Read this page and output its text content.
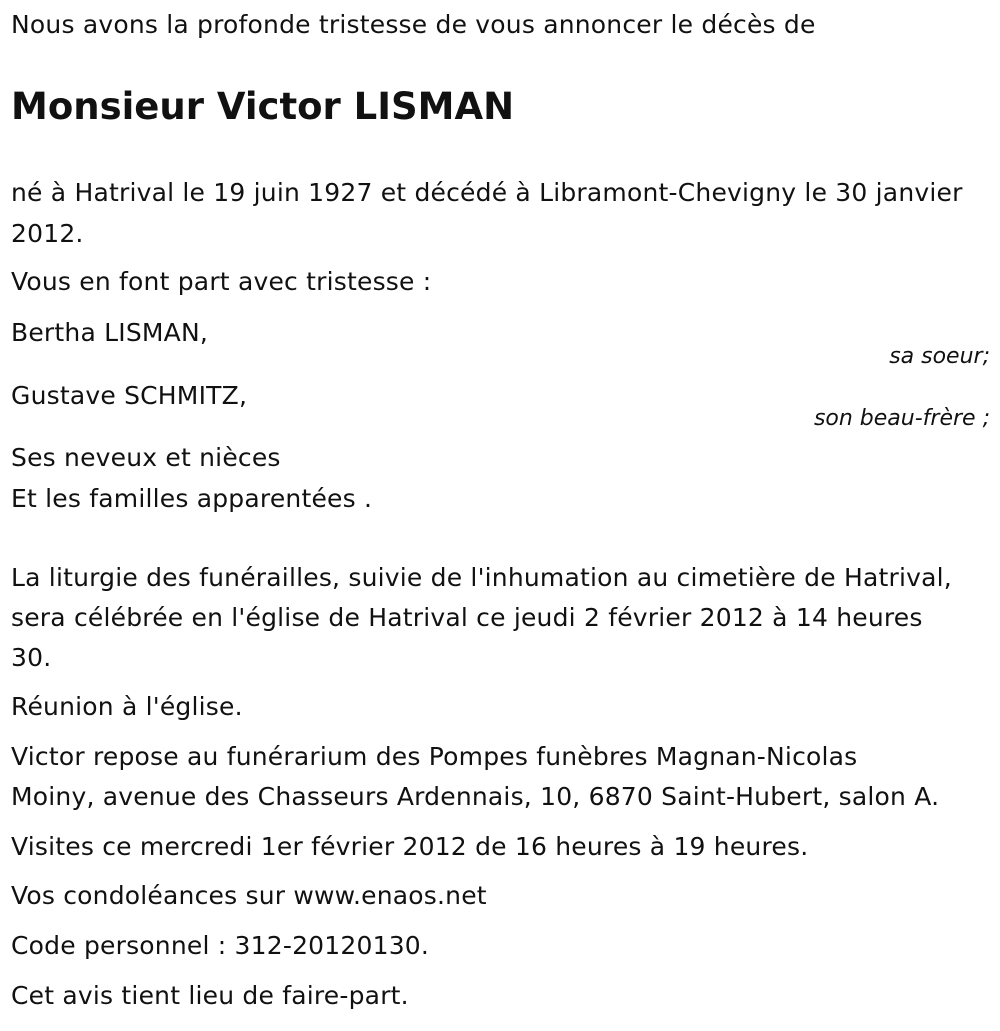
Nous avons la profonde tristesse de vous annoncer le décès de
Monsieur Victor LISMAN
né à Hatrival le 19 juin 1927 et décédé à Libramont-Chevigny le 30 janvier
2012.
Vous en font part avec tristesse :
Bertha LISMAN,
sa soeur;
Gustave SCHMITZ,
son beau-frère ;
Ses neveux et nièces
Et les familles apparentées .
La liturgie des funérailles, suivie de l'inhumation au cimetière de Hatrival,
sera célébrée en l'église de Hatrival ce jeudi 2 février 2012 à 14 heures
30.
Réunion à l'église.
Victor repose au funérarium des Pompes funèbres Magnan-Nicolas
Moiny, avenue des Chasseurs Ardennais, 10, 6870 Saint-Hubert, salon A.
Visites ce mercredi 1er février 2012 de 16 heures à 19 heures.
Vos condoléances sur www.enaos.net
Code personnel : 312-20120130.
Cet avis tient lieu de faire-part.
